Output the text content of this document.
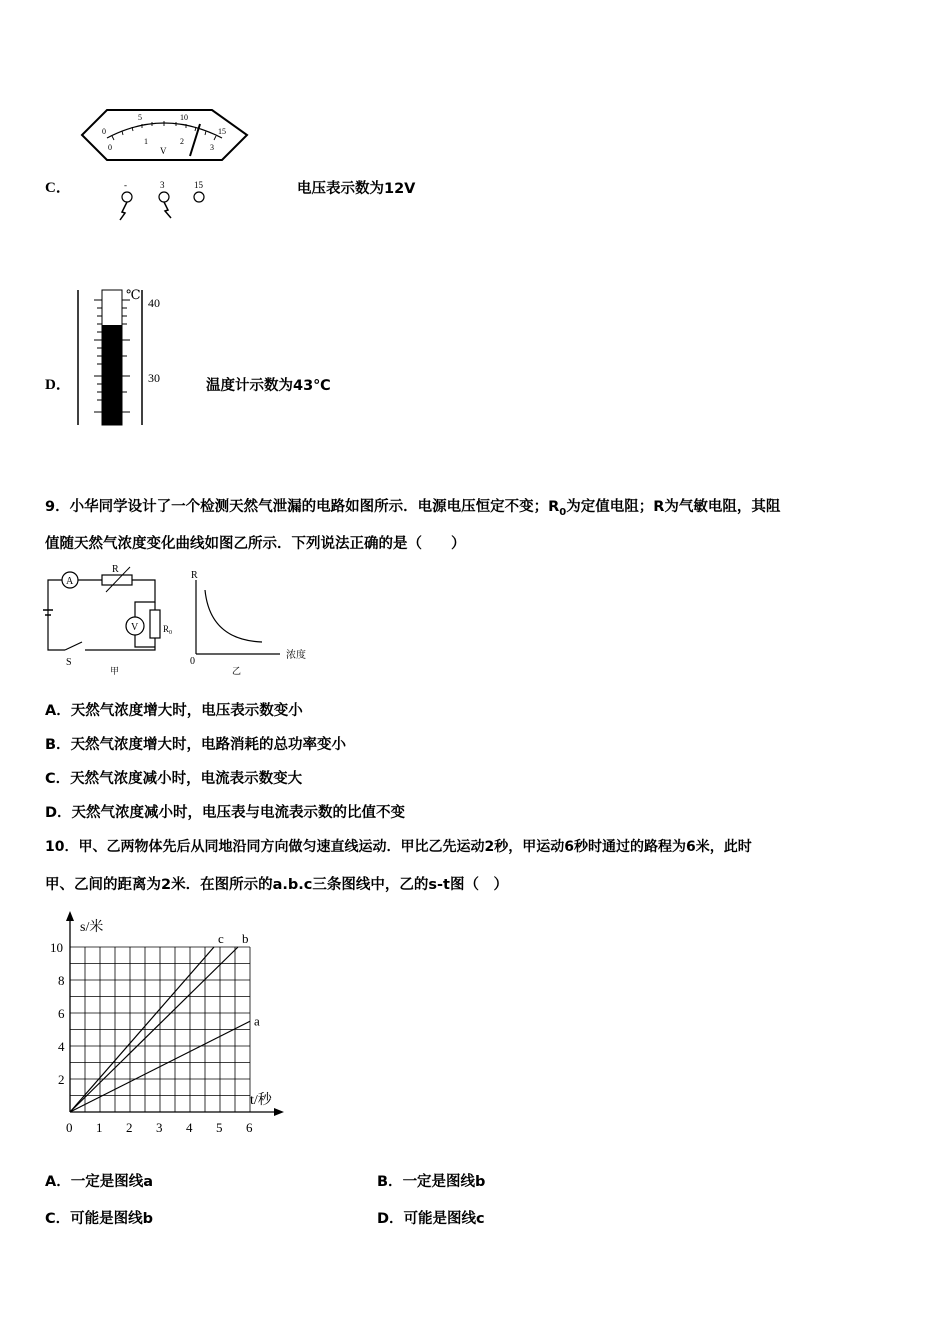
C．
0
1	2
3
0
5	10
15
V
-	3	15	电压表示数为12V
D．
℃
40
30	温度计示数为43℃
9．小华同学设计了一个检测天然气泄漏的电路如图所示．电源电压恒定不变；$R_0$为定值电阻；R为气敏电阻，其阻
值随天然气浓度变化曲线如图乙所示．下列说法正确的是（　　）
A
R
V	$R_0$
S
甲
R
0
浓度
乙
A．天然气浓度增大时，电压表示数变小
B．天然气浓度增大时，电路消耗的总功率变小
C．天然气浓度减小时，电流表示数变大
D．天然气浓度减小时，电压表与电流表示数的比值不变
10．甲、乙两物体先后从同地沿同方向做匀速直线运动．甲比乙先运动2秒，甲运动6秒时通过的路程为6米，此时
甲、乙间的距离为2米．在图所示的a.b.c三条图线中，乙的s-t图（　）
a
b
c
0 1 2 3 4 5 6
2
4
6
8
10
s/米
t/秒
A．一定是图线a	B．一定是图线b
C．可能是图线b	D．可能是图线c
